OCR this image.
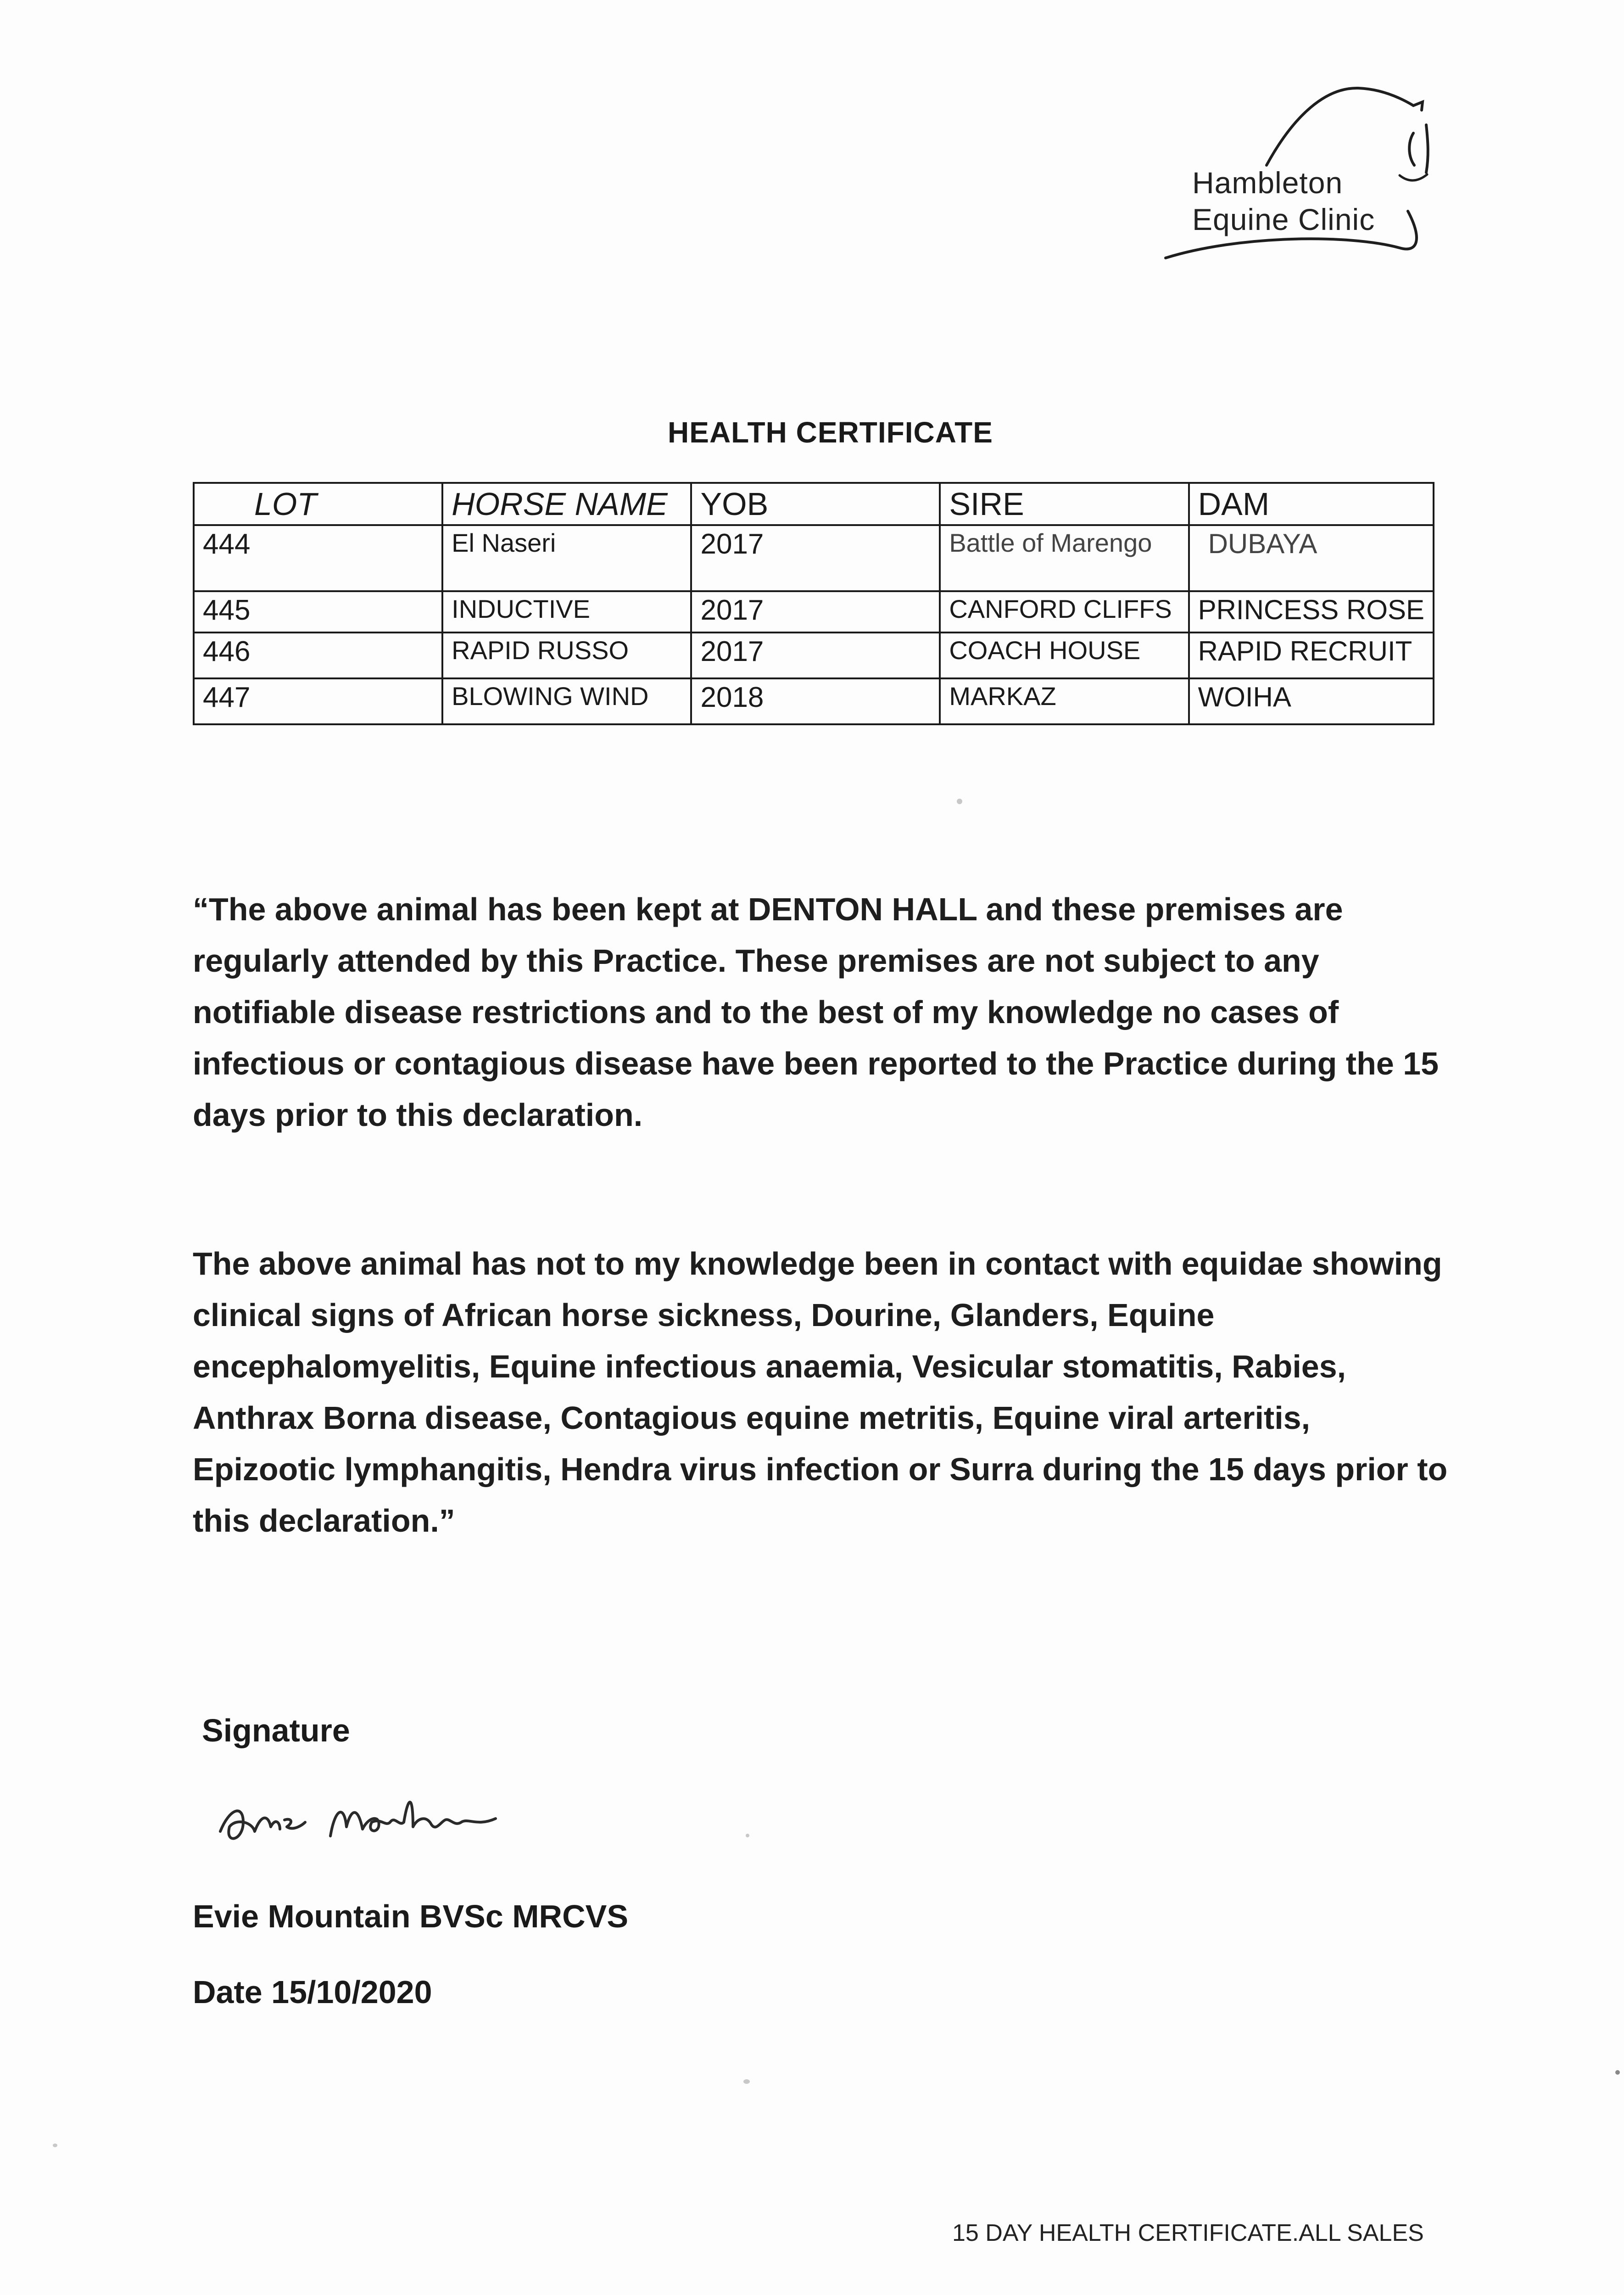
Hambleton
Equine Clinic
HEALTH CERTIFICATE
LOT	HORSE NAME	YOB	SIRE	DAM
444	El Naseri	2017	Battle of Marengo	DUBAYA
445	INDUCTIVE	2017	CANFORD CLIFFS	PRINCESS ROSE
446	RAPID RUSSO	2017	COACH HOUSE	RAPID RECRUIT
447	BLOWING WIND	2018	MARKAZ	WOIHA
“The above animal has been kept at DENTON HALL and these premises are regularly attended by this Practice. These premises are not subject to any notifiable disease restrictions and to the best of my knowledge no cases of infectious or contagious disease have been reported to the Practice during the 15 days prior to this declaration.
The above animal has not to my knowledge been in contact with equidae showing clinical signs of African horse sickness, Dourine, Glanders, Equine encephalomyelitis, Equine infectious anaemia, Vesicular stomatitis, Rabies, Anthrax Borna disease, Contagious equine metritis, Equine viral arteritis, Epizootic lymphangitis, Hendra virus infection or Surra during the 15 days prior to this declaration.”
Signature
Evie Mountain BVSc MRCVS
Date 15/10/2020
15 DAY HEALTH CERTIFICATE.ALL SALES
